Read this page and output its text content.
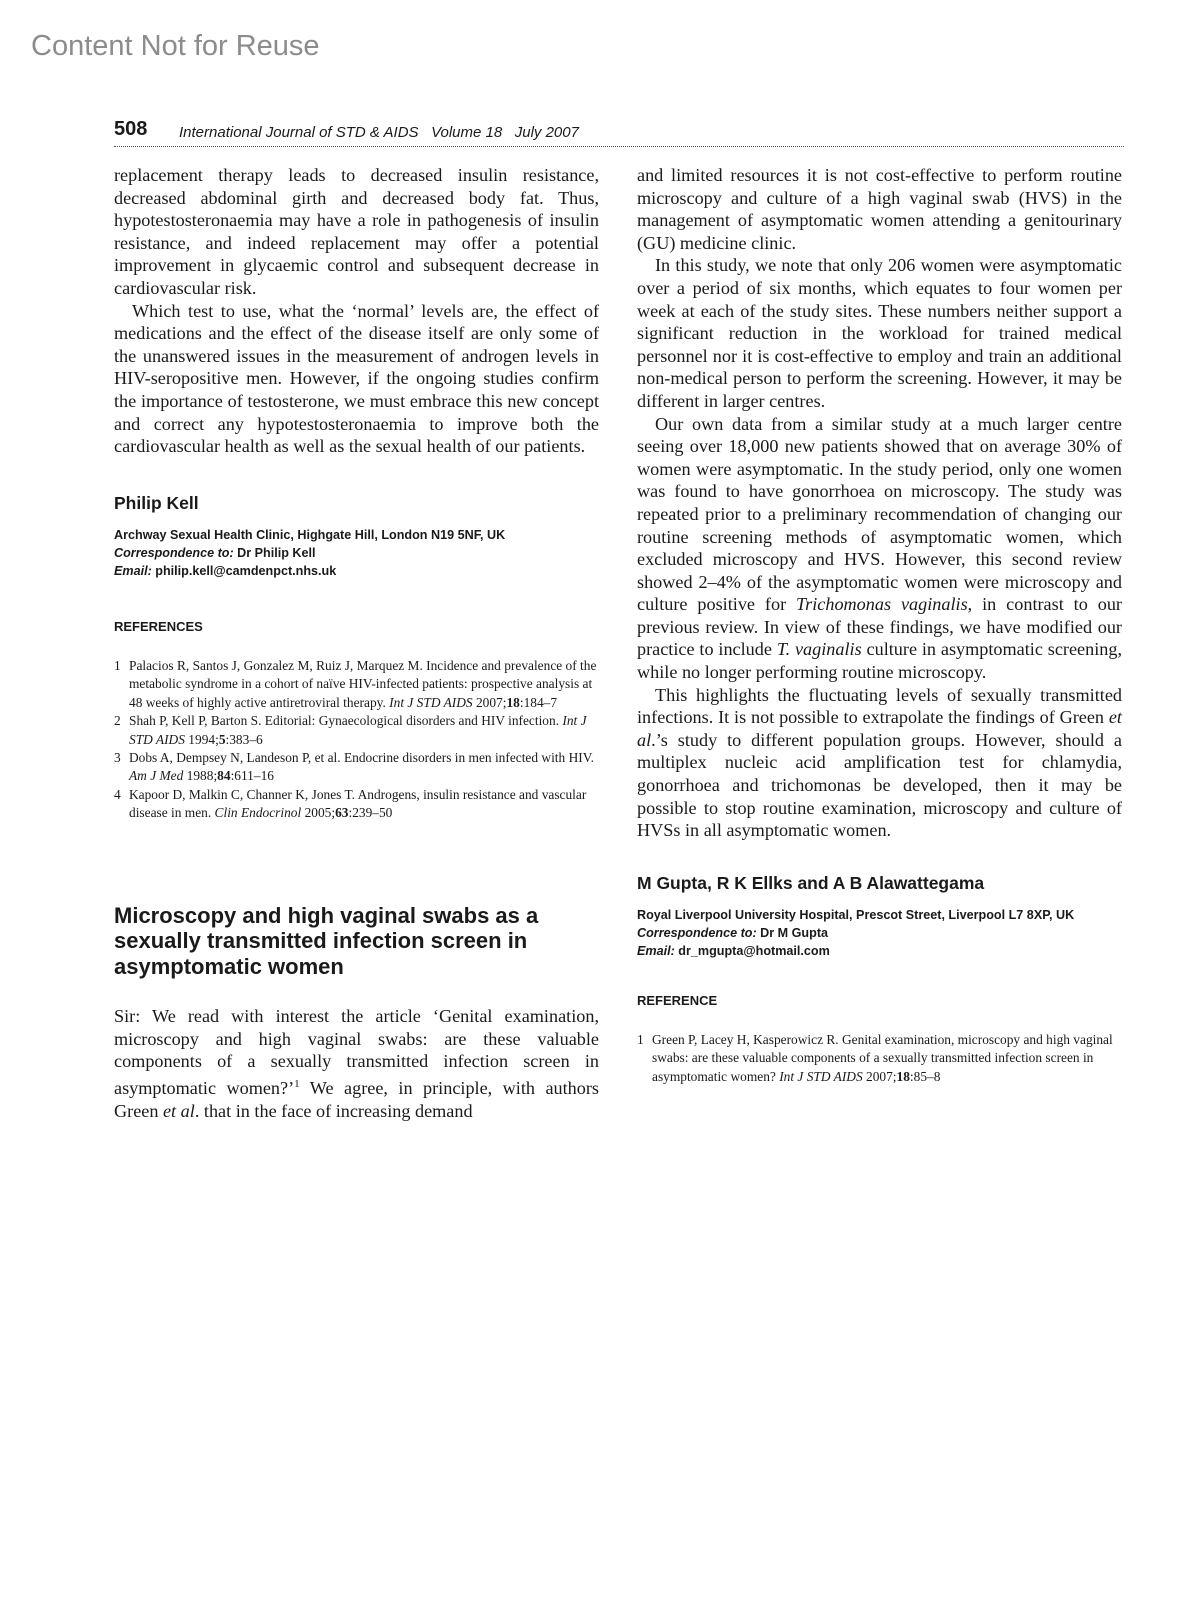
Content Not for Reuse
508 International Journal of STD & AIDS   Volume 18   July 2007

replacement therapy leads to decreased insulin resistance, decreased abdominal girth and decreased body fat. Thus, hypotestosteronaemia may have a role in pathogenesis of insulin resistance, and indeed replacement may offer a potential improvement in glycaemic control and subsequent decrease in cardiovascular risk.

Which test to use, what the ‘normal’ levels are, the effect of medications and the effect of the disease itself are only some of the unanswered issues in the measurement of androgen levels in HIV-seropositive men. However, if the ongoing studies confirm the importance of testosterone, we must embrace this new concept and correct any hypotestosteronaemia to improve both the cardiovascular health as well as the sexual health of our patients.

Philip Kell
Archway Sexual Health Clinic, Highgate Hill, London N19 5NF, UK
Correspondence to: Dr Philip Kell
Email: philip.kell@camdenpct.nhs.uk
REFERENCES
1 Palacios R, Santos J, Gonzalez M, Ruiz J, Marquez M. Incidence and prevalence of the metabolic syndrome in a cohort of naïve HIV-infected patients: prospective analysis at 48 weeks of highly active antiretroviral therapy. Int J STD AIDS 2007;18:184–7
2 Shah P, Kell P, Barton S. Editorial: Gynaecological disorders and HIV infection. Int J STD AIDS 1994;5:383–6
3 Dobs A, Dempsey N, Landeson P, et al. Endocrine disorders in men infected with HIV. Am J Med 1988;84:611–16
4 Kapoor D, Malkin C, Channer K, Jones T. Androgens, insulin resistance and vascular disease in men. Clin Endocrinol 2005;63:239–50
Microscopy and high vaginal swabs as a sexually transmitted infection screen in asymptomatic women

Sir: We read with interest the article ‘Genital examination, microscopy and high vaginal swabs: are these valuable components of a sexually transmitted infection screen in asymptomatic women?’$^1$ We agree, in principle, with authors Green et al. that in the face of increasing demand

and limited resources it is not cost-effective to perform routine microscopy and culture of a high vaginal swab (HVS) in the management of asymptomatic women attending a genitourinary (GU) medicine clinic.

In this study, we note that only 206 women were asymptomatic over a period of six months, which equates to four women per week at each of the study sites. These numbers neither support a significant reduction in the workload for trained medical personnel nor it is cost-effective to employ and train an additional non-medical person to perform the screening. However, it may be different in larger centres.

Our own data from a similar study at a much larger centre seeing over 18,000 new patients showed that on average 30% of women were asymptomatic. In the study period, only one women was found to have gonorrhoea on microscopy. The study was repeated prior to a preliminary recommendation of changing our routine screening methods of asymptomatic women, which excluded microscopy and HVS. However, this second review showed 2–4% of the asymptomatic women were microscopy and culture positive for Trichomonas vaginalis, in contrast to our previous review. In view of these findings, we have modified our practice to include T. vaginalis culture in asymptomatic screening, while no longer performing routine microscopy.

This highlights the fluctuating levels of sexually transmitted infections. It is not possible to extrapolate the findings of Green et al.’s study to different population groups. However, should a multiplex nucleic acid amplification test for chlamydia, gonorrhoea and trichomonas be developed, then it may be possible to stop routine examination, microscopy and culture of HVSs in all asymptomatic women.

M Gupta, R K Ellks and A B Alawattegama
Royal Liverpool University Hospital, Prescot Street, Liverpool L7 8XP, UK
Correspondence to: Dr M Gupta
Email: dr_mgupta@hotmail.com
REFERENCE
1 Green P, Lacey H, Kasperowicz R. Genital examination, microscopy and high vaginal swabs: are these valuable components of a sexually transmitted infection screen in asymptomatic women? Int J STD AIDS 2007;18:85–8
